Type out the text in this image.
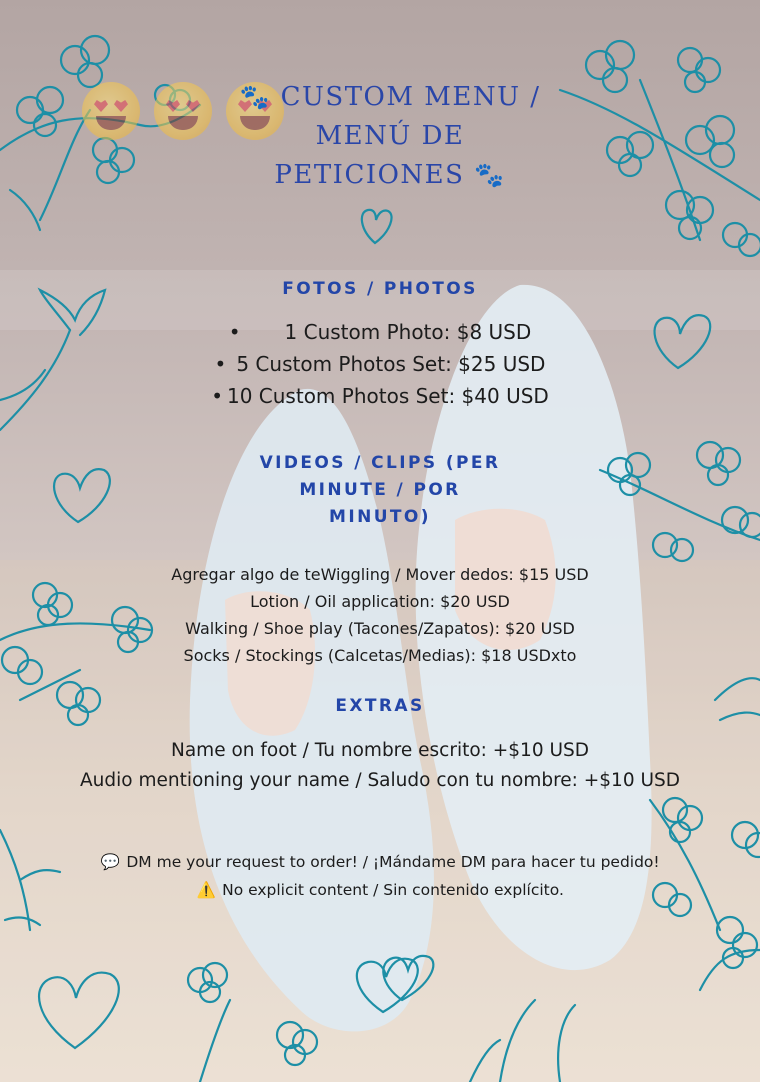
🐾 CUSTOM MENU /
MENÚ DE
PETICIONES 🐾
FOTOS / PHOTOS
• 1 Custom Photo: $8 USD
• 5 Custom Photos Set: $25 USD
• 10 Custom Photos Set: $40 USD
VIDEOS / CLIPS (PER
MINUTE / POR
MINUTO)
Agregar algo de teWiggling / Mover dedos: $15 USD
Lotion / Oil application: $20 USD
Walking / Shoe play (Tacones/Zapatos): $20 USD
Socks / Stockings (Calcetas/Medias): $18 USDxto
EXTRAS
Name on foot / Tu nombre escrito: +$10 USD
Audio mentioning your name / Saludo con tu nombre: +$10 USD
💬 DM me your request to order! / ¡Mándame DM para hacer tu pedido!
⚠️ No explicit content / Sin contenido explícito.
